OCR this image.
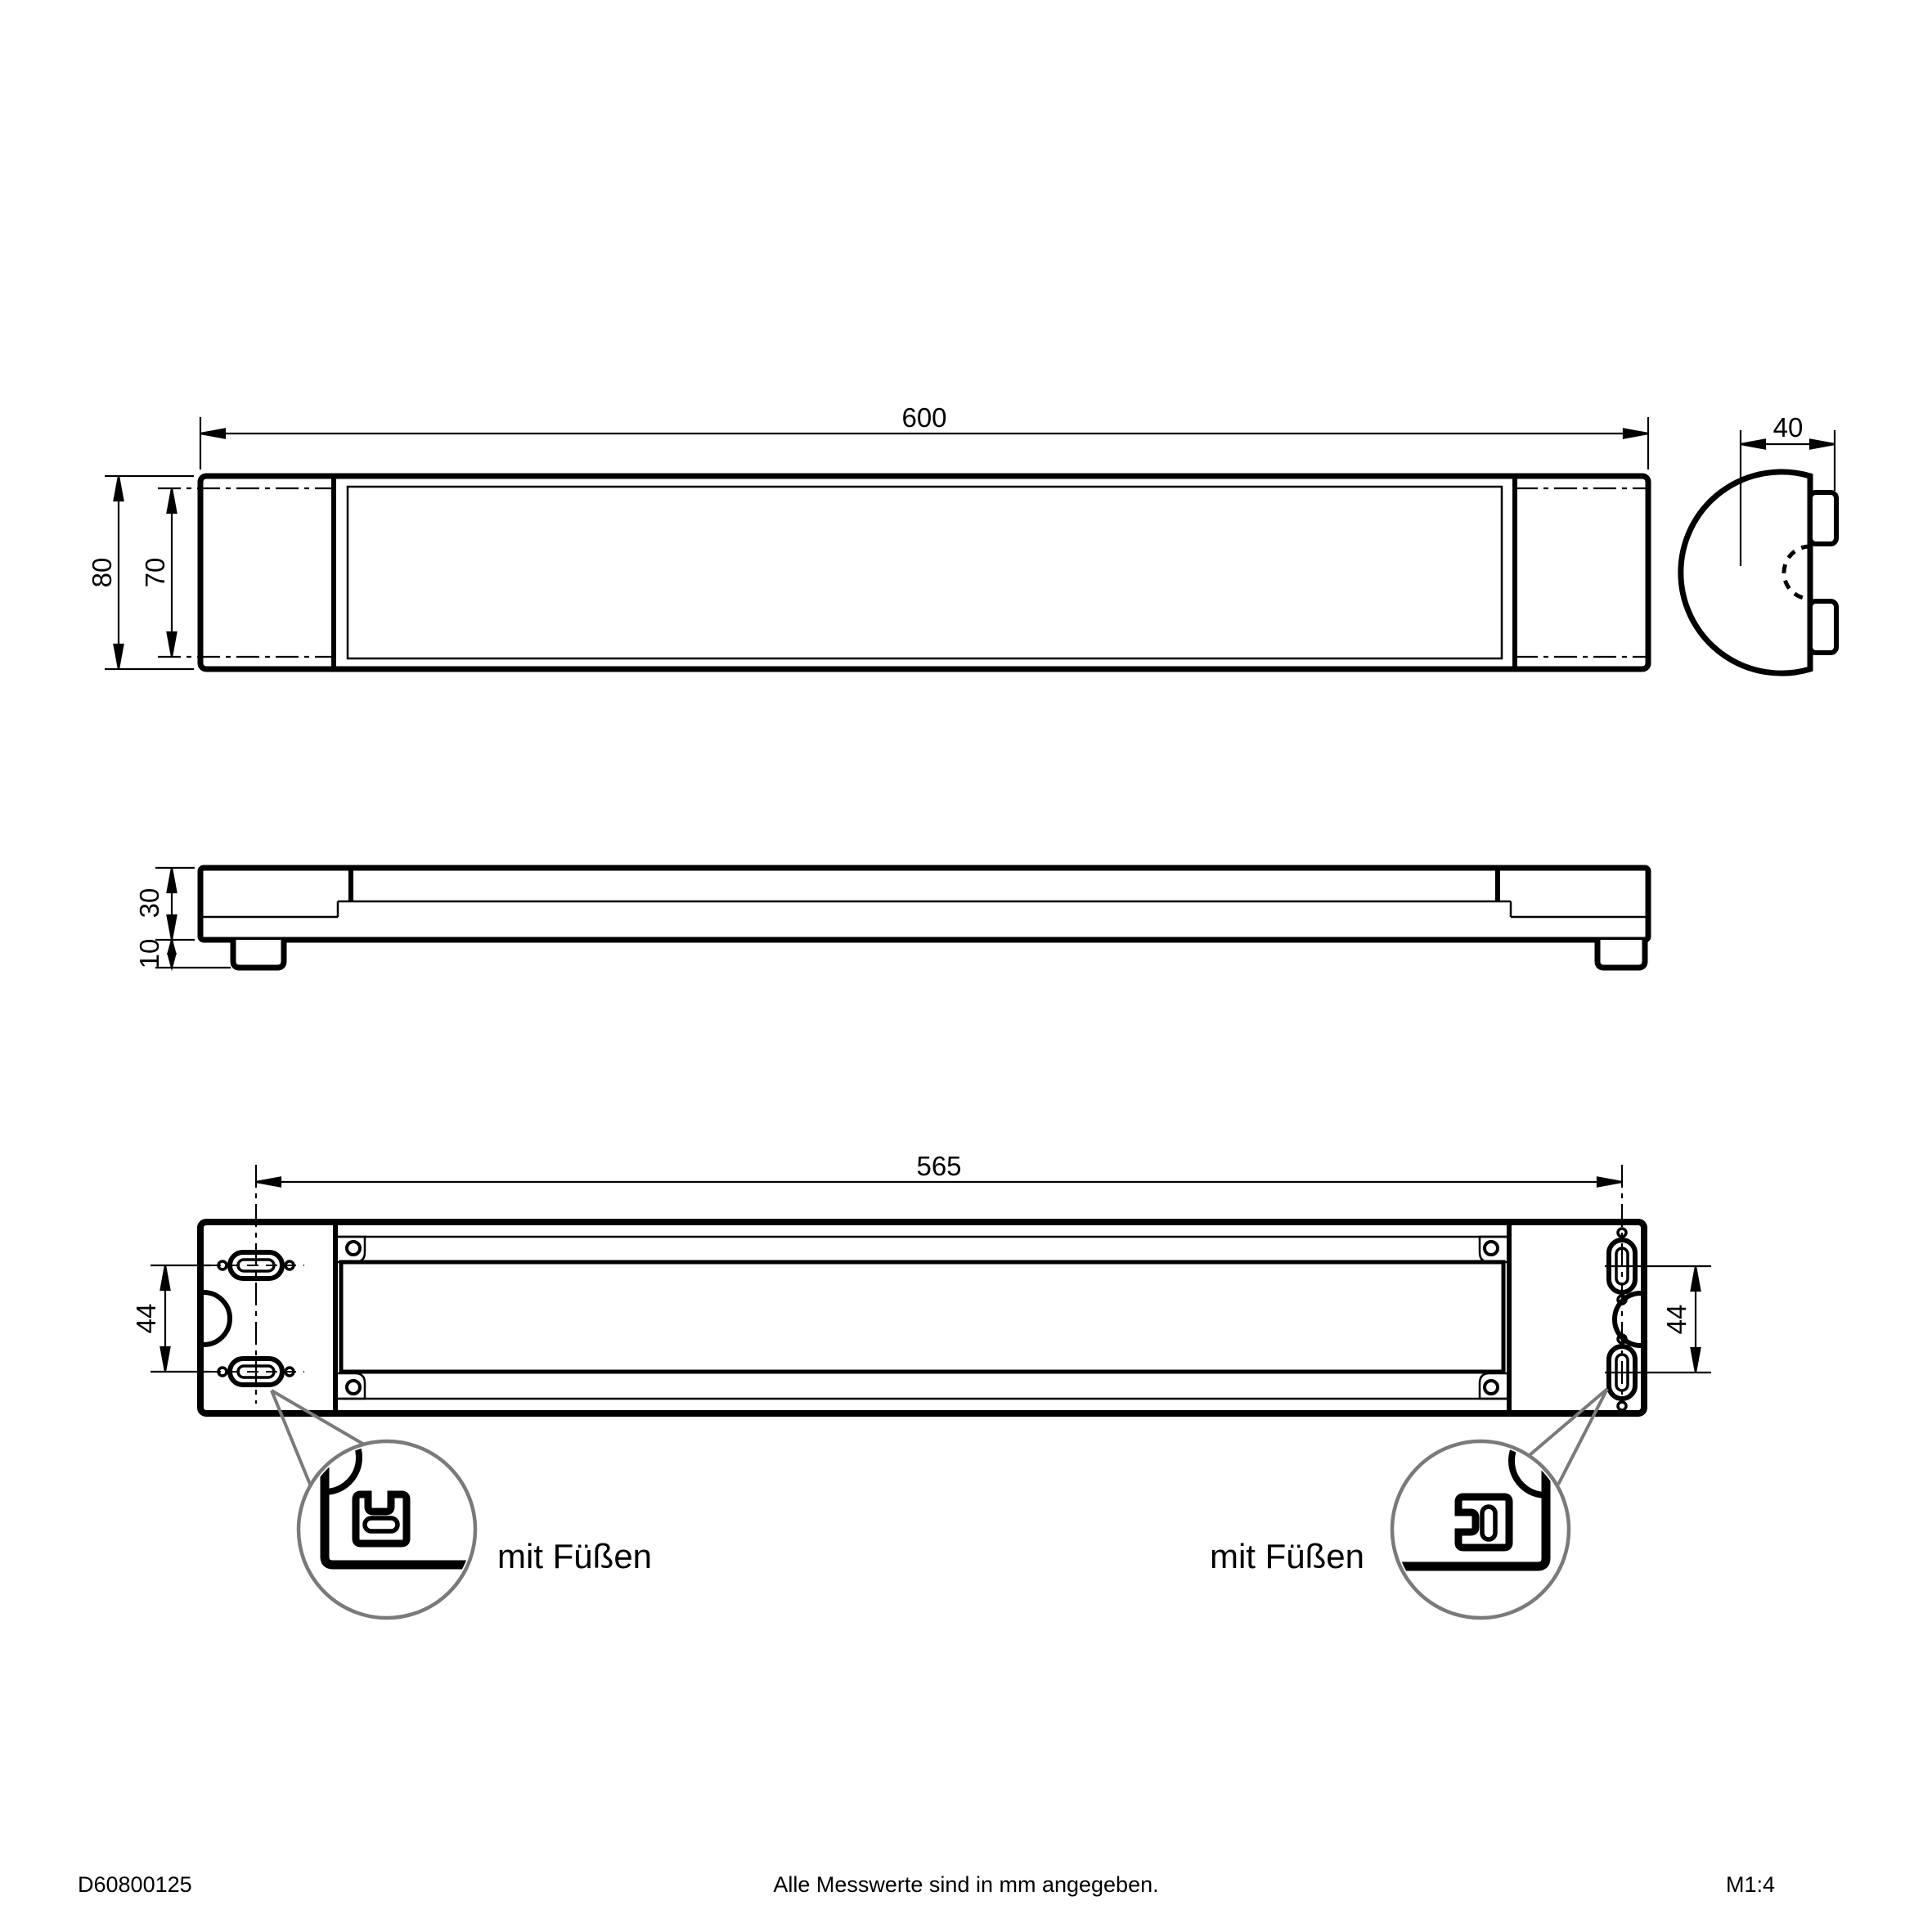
600
80 70
40
30
10
565
44	44
mit Füßen	mit Füßen
D60800125	Alle Messwerte sind in mm angegeben.	M1:4
